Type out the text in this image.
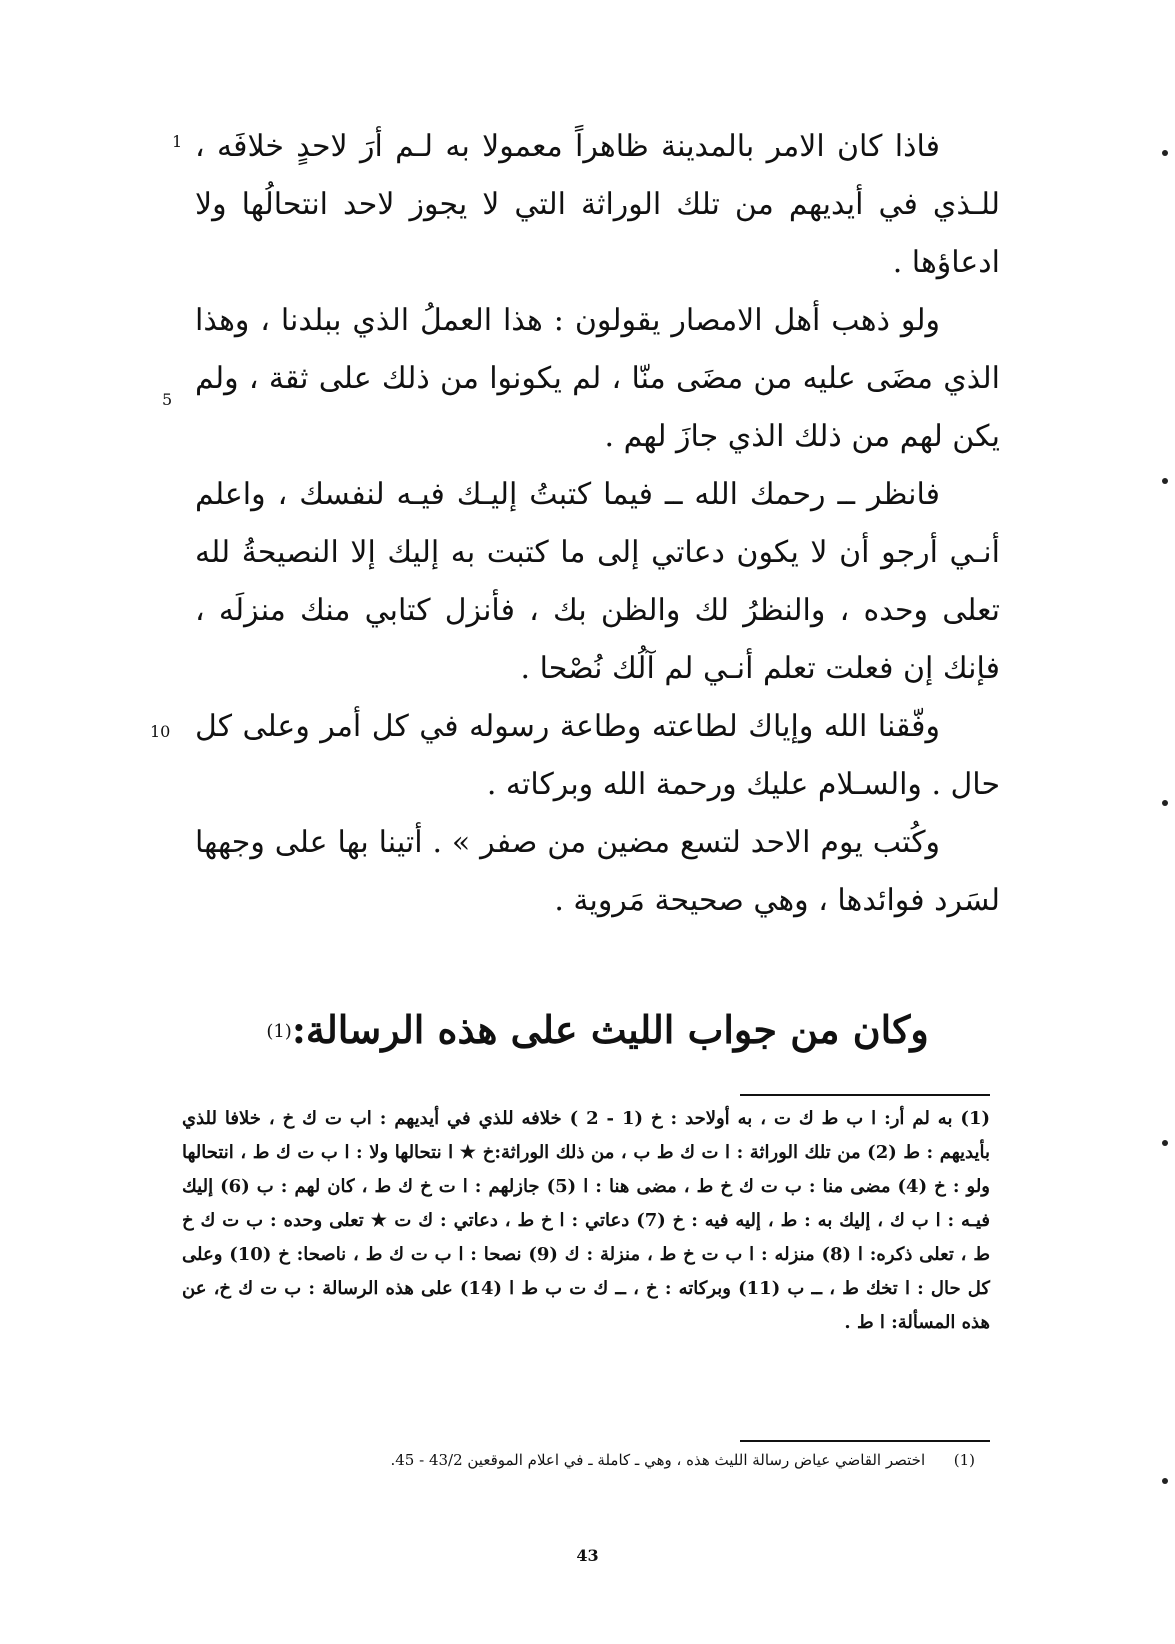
فاذا كان الامر بالمدينة ظاهراً معمولا به لـم أرَ لاحدٍ خلافَه ، للـذي في أيديهم من تلك الوراثة التي لا يجوز لاحد انتحالُها ولا ادعاؤها .

ولو ذهب أهل الامصار يقولون : هذا العملُ الذي ببلدنا ، وهذا الذي مضَى عليه من مضَى منّا ، لم يكونوا من ذلك على ثقة ، ولم يكن لهم من ذلك الذي جازَ لهم .

فانظر ــ رحمك الله ــ فيما كتبتُ إليـك فيـه لنفسك ، واعلم أنـي أرجو أن لا يكون دعاتي إلى ما كتبت به إليك إلا النصيحةُ لله تعلى وحده ، والنظرُ لك والظن بك ، فأنزل كتابي منك منزلَه ، فإنك إن فعلت تعلم أنـي لم آلُك نُصْحا .

وفّقنا الله وإياك لطاعته وطاعة رسوله في كل أمر وعلى كل حال . والسـلام عليك ورحمة الله وبركاته .

وكُتب يوم الاحد لتسع مضين من صفر » . أتينا بها على وجهها لسَرد فوائدها ، وهي صحيحة مَروية .

1
5
10
وكان من جواب الليث على هذه الرسالة:$^{(1)}$
(1) به لم أر: ا ب ط ك ت ، به أولاحد : خ (1 - 2 ) خلافه للذي في أيديهم : اب ت ك خ ، خلافا للذي بأيديهم : ط (2) من تلك الوراثة : ا ت ك ط ب ، من ذلك الوراثة:خ ★ ا نتحالها ولا : ا ب ت ك ط ، انتحالها ولو : خ (4) مضى منا : ب ت ك خ ط ، مضى هنا : ا (5) جازلهم : ا ت خ ك ط ، كان لهم : ب (6) إليك فيـه : ا ب ك ، إليك به : ط ، إليه فيه : خ (7) دعاتي : ا خ ط ، دعاتي : ك ت ★ تعلى وحده : ب ت ك خ ط ، تعلى ذكره: ا (8) منزله : ا ب ت خ ط ، منزلة : ك (9) نصحا : ا ب ت ك ط ، ناصحا: خ (10) وعلى كل حال : ا تخك ط ، ــ ب (11) وبركاته : خ ، ــ ك ت ب ط ا (14) على هذه الرسالة : ب ت ك خ، عن هذه المسألة: ا ط .
(1)      اختصر القاضي عياض رسالة الليث هذه ، وهي ـ كاملة ـ في اعلام الموقعين 43/2 - 45.
43
